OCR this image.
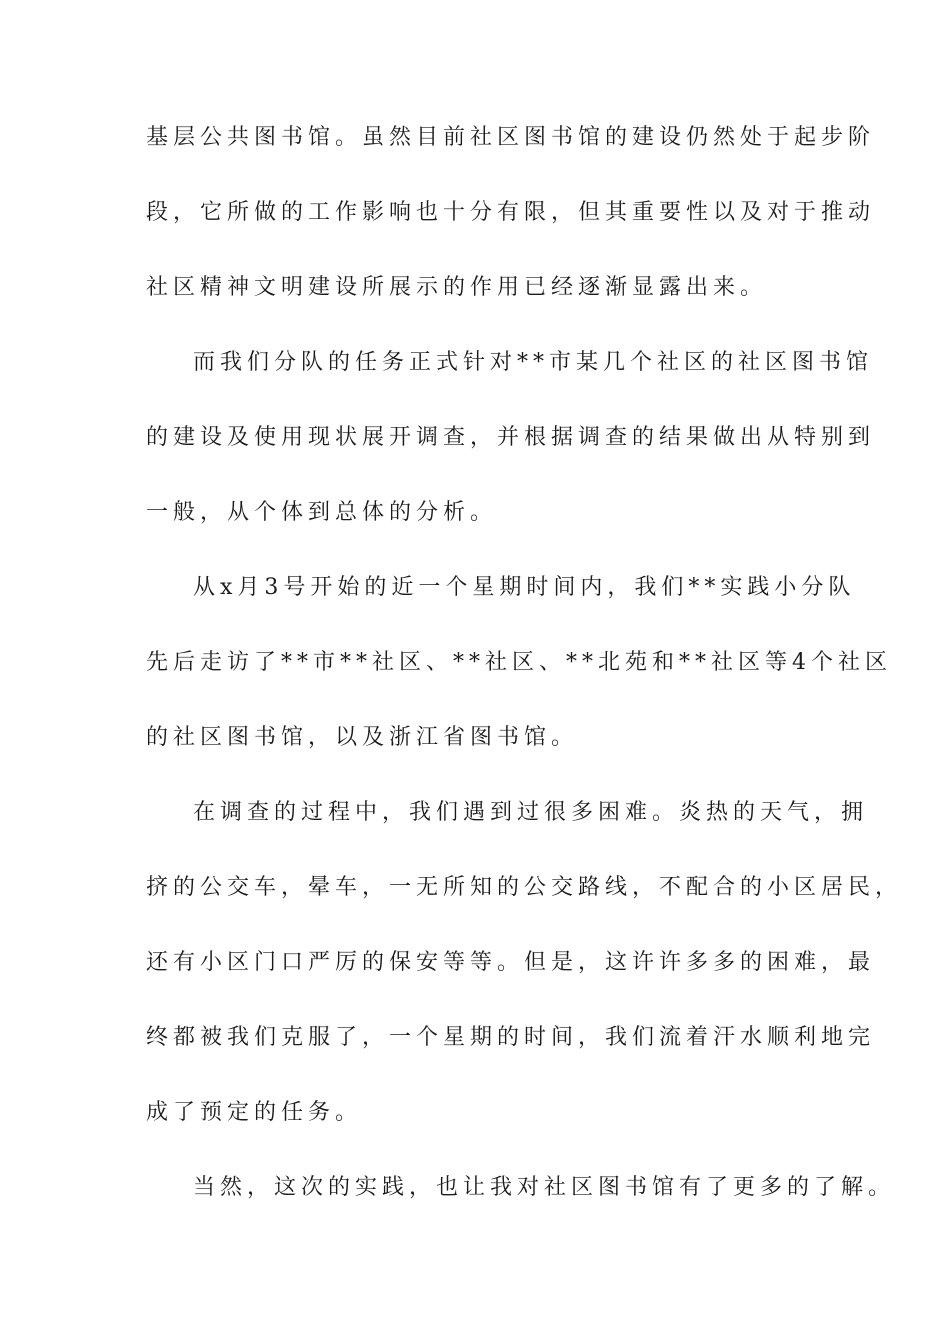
基层公共图书馆。虽然目前社区图书馆的建设仍然处于起步阶
段，它所做的工作影响也十分有限，但其重要性以及对于推动
社区精神文明建设所展示的作用已经逐渐显露出来。
而我们分队的任务正式针对**市某几个社区的社区图书馆
的建设及使用现状展开调查，并根据调查的结果做出从特别到
一般，从个体到总体的分析。
从x月3号开始的近一个星期时间内，我们**实践小分队
先后走访了**市**社区、**社区、**北苑和**社区等4个社区
的社区图书馆，以及浙江省图书馆。
在调查的过程中，我们遇到过很多困难。炎热的天气，拥
挤的公交车，晕车，一无所知的公交路线，不配合的小区居民，
还有小区门口严厉的保安等等。但是，这许许多多的困难，最
终都被我们克服了，一个星期的时间，我们流着汗水顺利地完
成了预定的任务。
当然，这次的实践，也让我对社区图书馆有了更多的了解。
